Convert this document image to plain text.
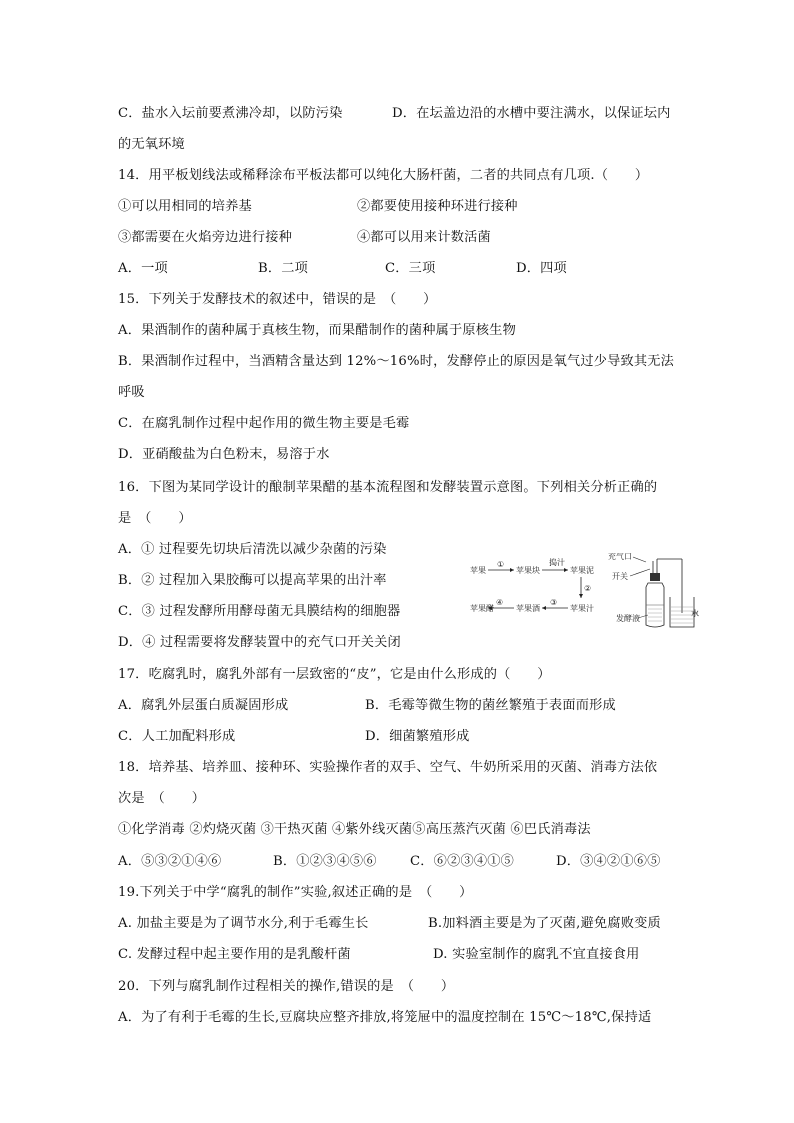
C．盐水入坛前要煮沸冷却，以防污染	D．在坛盖边沿的水槽中要注满水，以保证坛内
的无氧环境
14．用平板划线法或稀释涂布平板法都可以纯化大肠杆菌，二者的共同点有几项.（　　）
①可以用相同的培养基	②都要使用接种环进行接种
③都需要在火焰旁边进行接种	④都可以用来计数活菌
A．一项	B．二项	C．三项	D．四项
15．下列关于发酵技术的叙述中，错误的是　（　　）
A．果酒制作的菌种属于真核生物，而果醋制作的菌种属于原核生物
B．果酒制作过程中，当酒精含量达到 12%～16%时，发酵停止的原因是氧气过少导致其无法
呼吸
C．在腐乳制作过程中起作用的微生物主要是毛霉
D．亚硝酸盐为白色粉末，易溶于水
16．下图为某同学设计的酿制苹果醋的基本流程图和发酵装置示意图。下列相关分析正确的
是　（　　）
A．① 过程要先切块后清洗以减少杂菌的污染
B．② 过程加入果胶酶可以提高苹果的出汁率
C．③ 过程发酵所用酵母菌无具膜结构的细胞器
D．④ 过程需要将发酵装置中的充气口开关关闭
苹果
①
苹果块
捣汁
苹果泥
②
苹果汁
③
苹果酒
④
苹果醋
充气口
开关
水
发酵液
17．吃腐乳时，腐乳外部有一层致密的“皮”，它是由什么形成的（　　）
A．腐乳外层蛋白质凝固形成	B．毛霉等微生物的菌丝繁殖于表面而形成
C．人工加配料形成	D．细菌繁殖形成
18．培养基、培养皿、接种环、实验操作者的双手、空气、牛奶所采用的灭菌、消毒方法依
次是　（　　）
①化学消毒 ②灼烧灭菌 ③干热灭菌 ④紫外线灭菌⑤高压蒸汽灭菌 ⑥巴氏消毒法
A．⑤③②①④⑥	B．①②③④⑤⑥	C．⑥②③④①⑤	D．③④②①⑥⑤
19.下列关于中学“腐乳的制作”实验,叙述正确的是　（　　）
A. 加盐主要是为了调节水分,利于毛霉生长	B.加料酒主要是为了灭菌,避免腐败变质
C. 发酵过程中起主要作用的是乳酸杆菌	D. 实验室制作的腐乳不宜直接食用
20．下列与腐乳制作过程相关的操作,错误的是　（　　）
A．为了有利于毛霉的生长,豆腐块应整齐排放,将笼屉中的温度控制在 15℃～18℃,保持适
